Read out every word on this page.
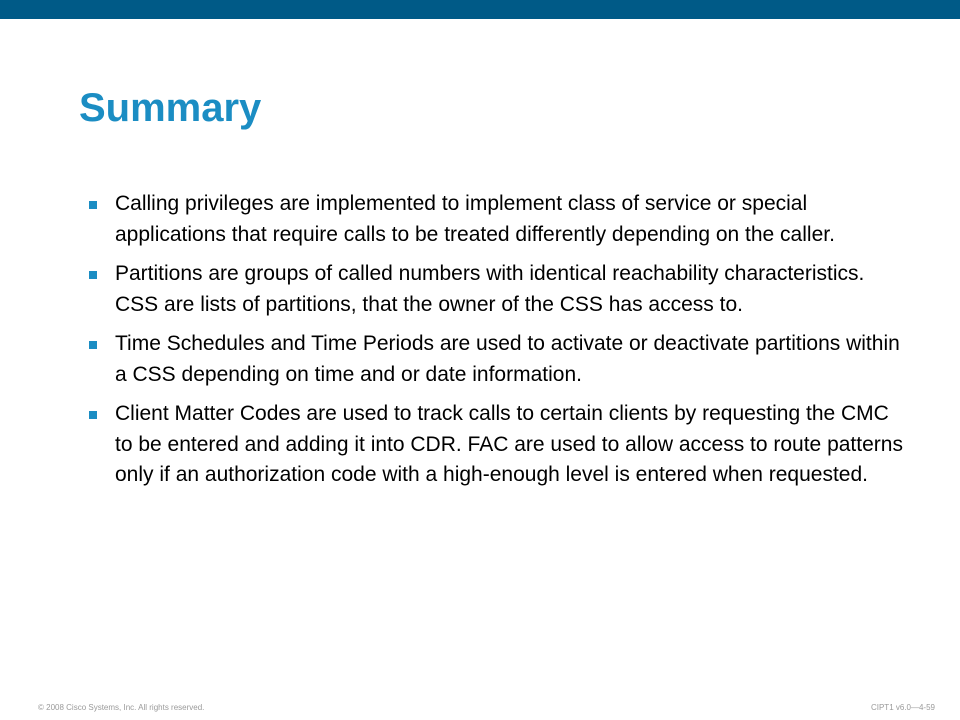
Summary
Calling privileges are implemented to implement class of service or special applications that require calls to be treated differently depending on the caller.
Partitions are groups of called numbers with identical reachability characteristics. CSS are lists of partitions, that the owner of the CSS has access to.
Time Schedules and Time Periods are used to activate or deactivate partitions within a CSS depending on time and or date information.
Client Matter Codes are used to track calls to certain clients by requesting the CMC to be entered and adding it into CDR. FAC are used to allow access to route patterns only if an authorization code with a high-enough level is entered when requested.
© 2008 Cisco Systems, Inc. All rights reserved.	CIPT1 v6.0—4-59
